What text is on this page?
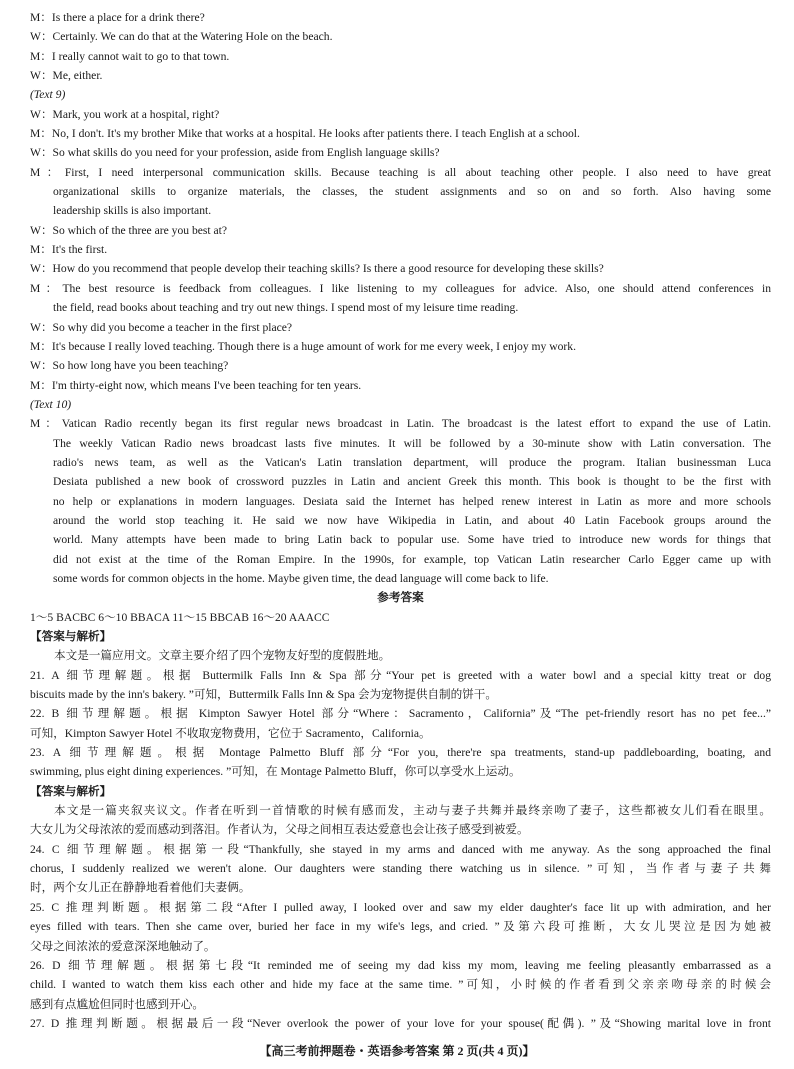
M：Is there a place for a drink there?
W：Certainly. We can do that at the Watering Hole on the beach.
M：I really cannot wait to go to that town.
W：Me, either.
(Text 9)
W：Mark, you work at a hospital, right?
M：No, I don't. It's my brother Mike that works at a hospital. He looks after patients there. I teach English at a school.
W：So what skills do you need for your profession, aside from English language skills?
M：First, I need interpersonal communication skills. Because teaching is all about teaching other people. I also need to have great
organizational skills to organize materials, the classes, the student assignments and so on and so forth. Also having some
leadership skills is also important.
W：So which of the three are you best at?
M：It's the first.
W：How do you recommend that people develop their teaching skills? Is there a good resource for developing these skills?
M：The best resource is feedback from colleagues. I like listening to my colleagues for advice. Also, one should attend conferences in
the field, read books about teaching and try out new things. I spend most of my leisure time reading.
W：So why did you become a teacher in the first place?
M：It's because I really loved teaching. Though there is a huge amount of work for me every week, I enjoy my work.
W：So how long have you been teaching?
M：I'm thirty-eight now, which means I've been teaching for ten years.
(Text 10)
M：Vatican Radio recently began its first regular news broadcast in Latin. The broadcast is the latest effort to expand the use of Latin.
The weekly Vatican Radio news broadcast lasts five minutes. It will be followed by a 30-minute show with Latin conversation. The
radio's news team, as well as the Vatican's Latin translation department, will produce the program. Italian businessman Luca
Desiata published a new book of crossword puzzles in Latin and ancient Greek this month. This book is thought to be the first with
no help or explanations in modern languages. Desiata said the Internet has helped renew interest in Latin as more and more schools
around the world stop teaching it. He said we now have Wikipedia in Latin, and about 40 Latin Facebook groups around the
world. Many attempts have been made to bring Latin back to popular use. Some have tried to introduce new words for things that
did not exist at the time of the Roman Empire. In the 1990s, for example, top Vatican Latin researcher Carlo Egger came up with
some words for common objects in the home. Maybe given time, the dead language will come back to life.
参考答案
1～5 BACBC 6～10 BBACA 11～15 BBCAB 16～20 AAACC
【答案与解析】
本文是一篇应用文。文章主要介绍了四个宠物友好型的度假胜地。
21. A 细节理解题。根据 Buttermilk Falls Inn & Spa 部分“Your pet is greeted with a water bowl and a special kitty treat or dog
biscuits made by the inn's bakery. ”可知，Buttermilk Falls Inn & Spa 会为宠物提供自制的饼干。
22. B 细节理解题。根据 Kimpton Sawyer Hotel 部分“Where：Sacramento，California”及“The pet-friendly resort has no pet fee...”
可知，Kimpton Sawyer Hotel 不收取宠物费用，它位于 Sacramento，California。
23. A 细节理解题。根据 Montage Palmetto Bluff 部分“For you, there're spa treatments, stand-up paddleboarding, boating, and
swimming, plus eight dining experiences. ”可知，在 Montage Palmetto Bluff，你可以享受水上运动。
【答案与解析】
本文是一篇夹叙夹议文。作者在听到一首情歌的时候有感而发，主动与妻子共舞并最终亲吻了妻子，这些都被女儿们看在眼里。
大女儿为父母浓浓的爱而感动到落泪。作者认为，父母之间相互表达爱意也会让孩子感受到被爱。
24. C 细节理解题。根据第一段“Thankfully, she stayed in my arms and danced with me anyway. As the song approached the final
chorus, I suddenly realized we weren't alone. Our daughters were standing there watching us in silence. ”可知，当作者与妻子共舞
时，两个女儿正在静静地看着他们夫妻俩。
25. C 推理判断题。根据第二段“After I pulled away, I looked over and saw my elder daughter's face lit up with admiration, and her
eyes filled with tears. Then she came over, buried her face in my wife's legs, and cried. ”及第六段可推断，大女儿哭泣是因为她被
父母之间浓浓的爱意深深地触动了。
26. D 细节理解题。根据第七段“It reminded me of seeing my dad kiss my mom, leaving me feeling pleasantly embarrassed as a
child. I wanted to watch them kiss each other and hide my face at the same time. ”可知，小时候的作者看到父亲亲吻母亲的时候会
感到有点尴尬但同时也感到开心。
27. D 推理判断题。根据最后一段“Never overlook the power of your love for your spouse(配偶). ”及“Showing marital love in front
【高三考前押题卷・英语参考答案 第 2 页(共 4 页)】
